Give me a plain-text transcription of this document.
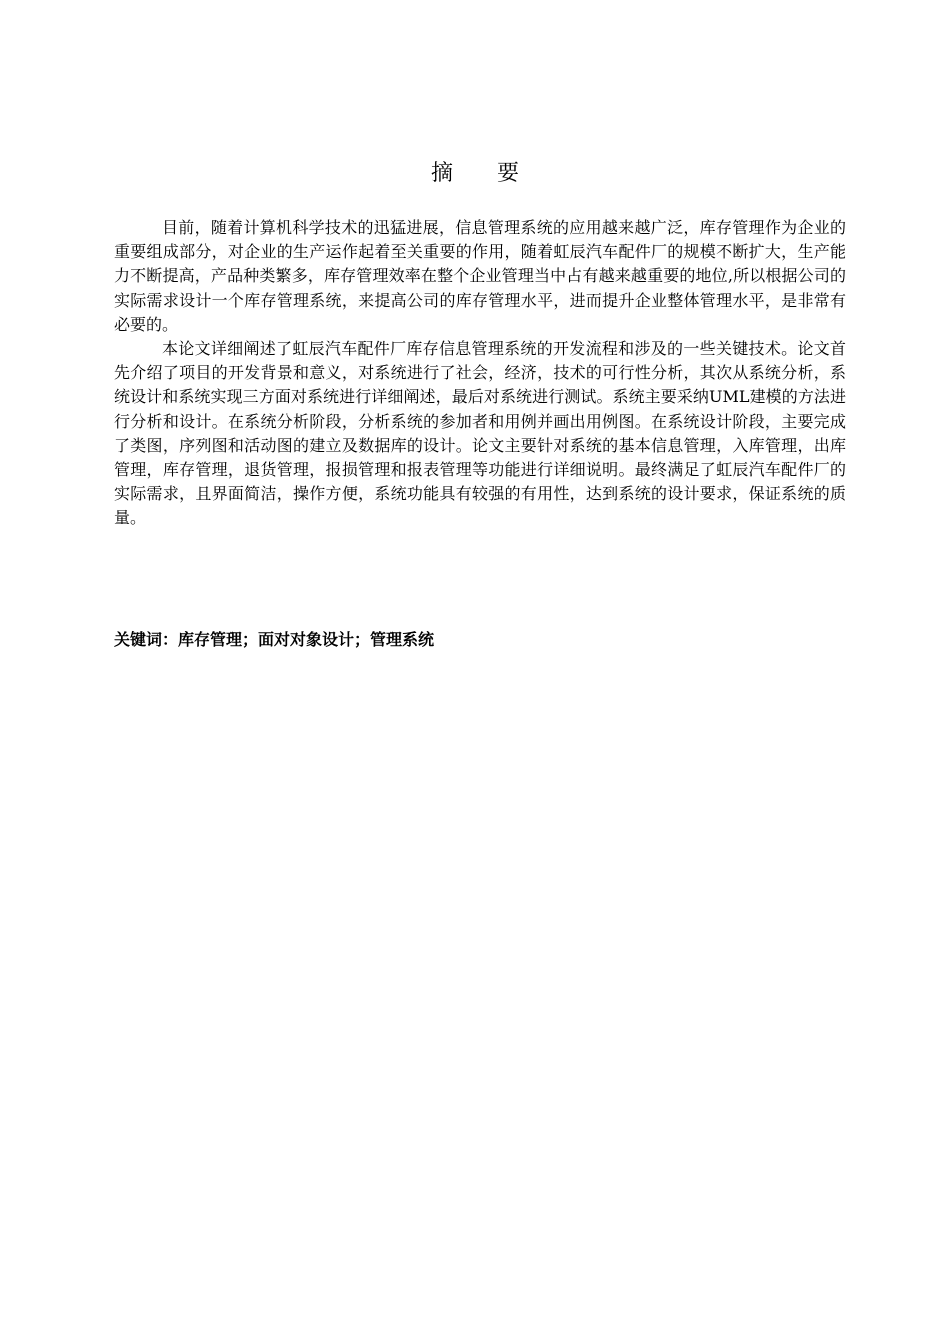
摘 要

目前，随着计算机科学技术的迅猛进展，信息管理系统的应用越来越广泛，库存管理作为企业的重要组成部分，对企业的生产运作起着至关重要的作用，随着虹辰汽车配件厂的规模不断扩大，生产能力不断提高，产品种类繁多，库存管理效率在整个企业管理当中占有越来越重要的地位,所以根据公司的实际需求设计一个库存管理系统，来提高公司的库存管理水平，进而提升企业整体管理水平，是非常有必要的。

本论文详细阐述了虹辰汽车配件厂库存信息管理系统的开发流程和涉及的一些关键技术。论文首先介绍了项目的开发背景和意义，对系统进行了社会，经济，技术的可行性分析，其次从系统分析，系统设计和系统实现三方面对系统进行详细阐述，最后对系统进行测试。系统主要采纳UML建模的方法进行分析和设计。在系统分析阶段，分析系统的参加者和用例并画出用例图。在系统设计阶段，主要完成了类图，序列图和活动图的建立及数据库的设计。论文主要针对系统的基本信息管理，入库管理，出库管理，库存管理，退货管理，报损管理和报表管理等功能进行详细说明。最终满足了虹辰汽车配件厂的实际需求，且界面简洁，操作方便，系统功能具有较强的有用性，达到系统的设计要求，保证系统的质量。

关键词：库存管理；面对对象设计；管理系统
